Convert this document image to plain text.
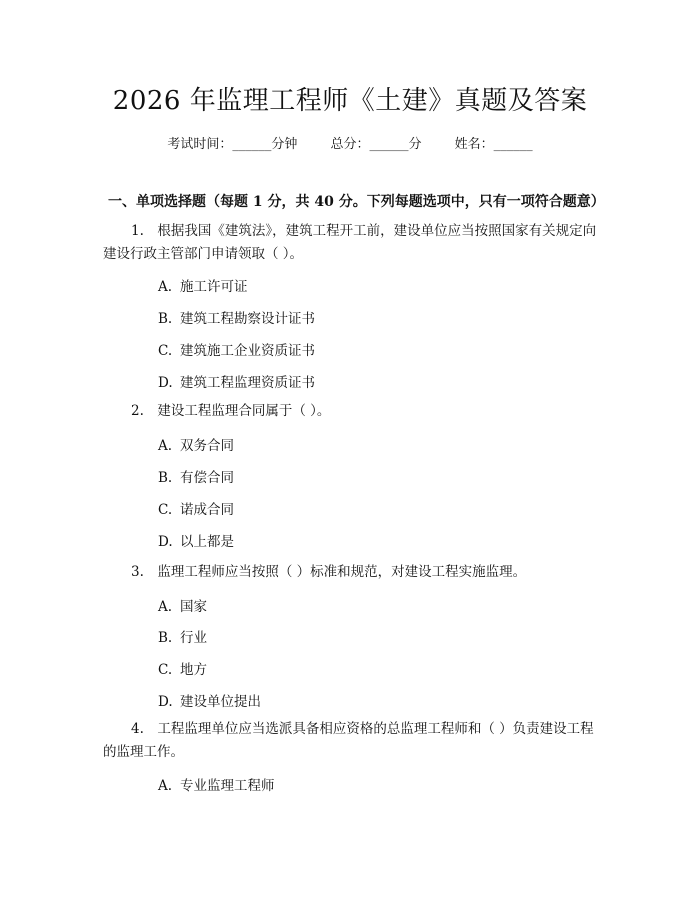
2026 年监理工程师《土建》真题及答案
考试时间：______分钟	总分：______分	姓名：______
一、单项选择题（每题 1 分，共 40 分。下列每题选项中，只有一项符合题意）
1.　根据我国《建筑法》，建筑工程开工前，建设单位应当按照国家有关规定向建设行政主管部门申请领取（ ）。
A. 施工许可证
B. 建筑工程勘察设计证书
C. 建筑施工企业资质证书
D. 建筑工程监理资质证书
2.　建设工程监理合同属于（ ）。
A. 双务合同
B. 有偿合同
C. 诺成合同
D. 以上都是
3.　监理工程师应当按照（ ）标准和规范，对建设工程实施监理。
A. 国家
B. 行业
C. 地方
D. 建设单位提出
4.　工程监理单位应当选派具备相应资格的总监理工程师和（ ）负责建设工程的监理工作。
A. 专业监理工程师
